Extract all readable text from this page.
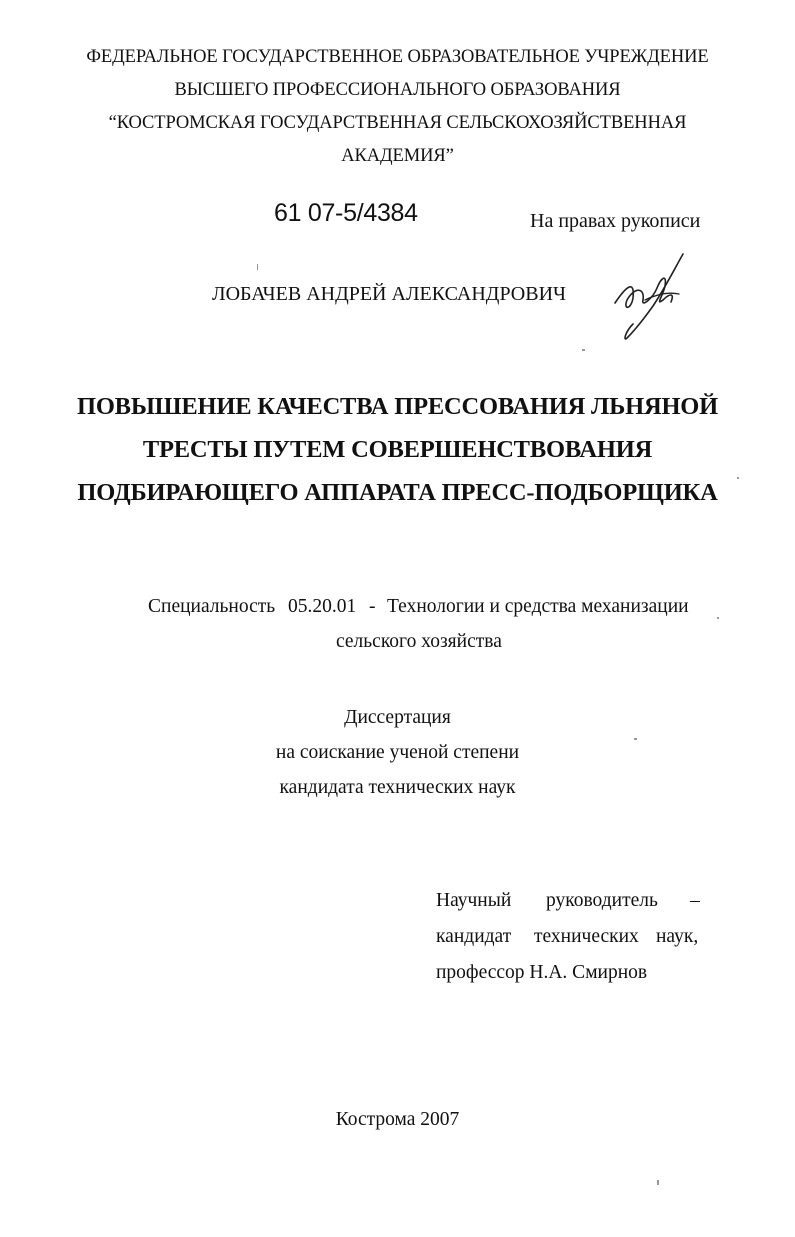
ФЕДЕРАЛЬНОЕ ГОСУДАРСТВЕННОЕ ОБРАЗОВАТЕЛЬНОЕ УЧРЕЖДЕНИЕ
ВЫСШЕГО ПРОФЕССИОНАЛЬНОГО ОБРАЗОВАНИЯ
“КОСТРОМСКАЯ ГОСУДАРСТВЕННАЯ СЕЛЬСКОХОЗЯЙСТВЕННАЯ
АКАДЕМИЯ”
61 07-5/4384	На правах рукописи
ЛОБАЧЕВ АНДРЕЙ АЛЕКСАНДРОВИЧ
ПОВЫШЕНИЕ КАЧЕСТВА ПРЕССОВАНИЯ ЛЬНЯНОЙ
ТРЕСТЫ ПУТЕМ СОВЕРШЕНСТВОВАНИЯ
ПОДБИРАЮЩЕГО АППАРАТА ПРЕСС-ПОДБОРЩИКА
Специальность 05.20.01 - Технологии и средства механизации
сельского хозяйства
Диссертация
на соискание ученой степени
кандидата технических наук
Научный руководитель –
кандидат технических наук,
профессор Н.А. Смирнов
Кострома 2007
